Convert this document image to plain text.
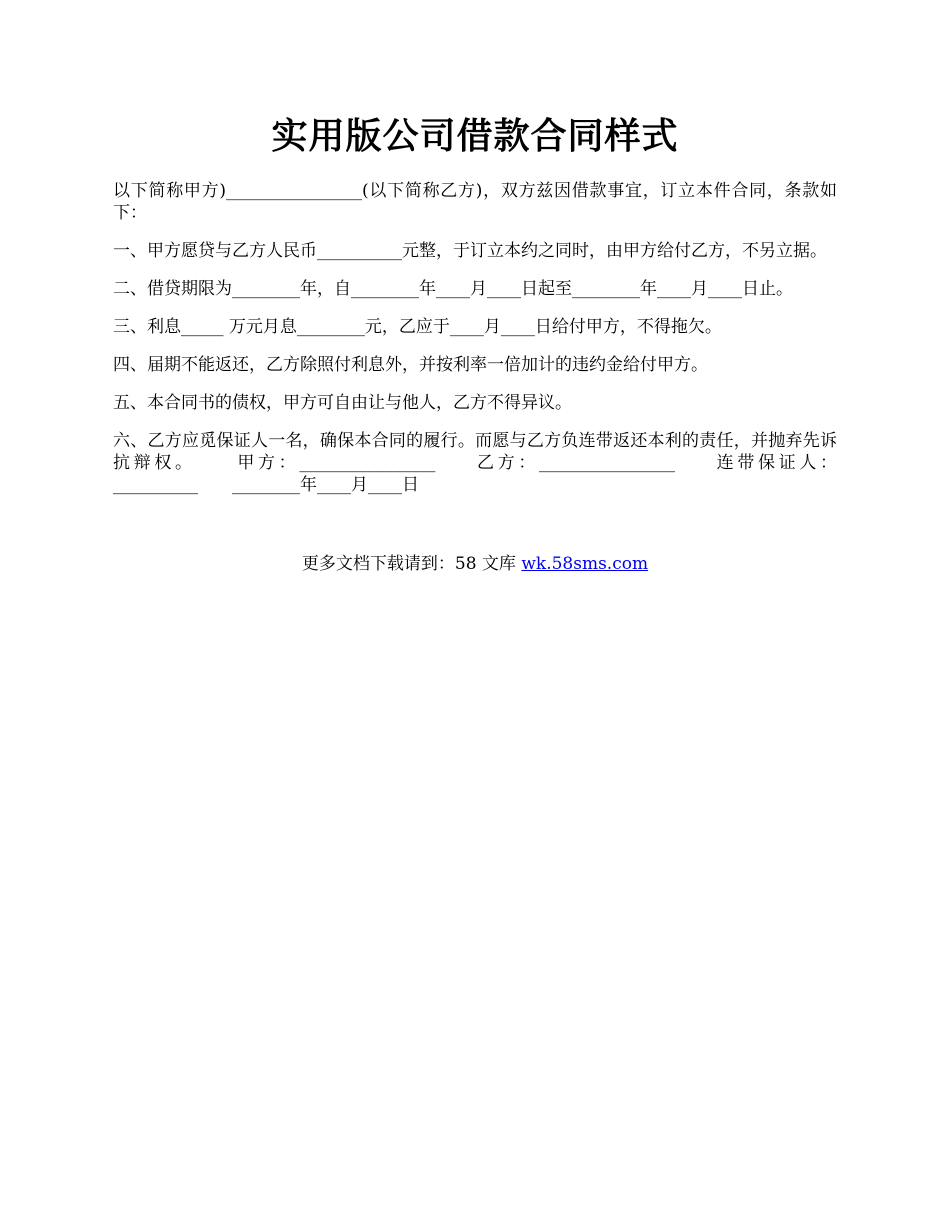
实用版公司借款合同样式

以下简称甲方)________________(以下简称乙方)，双方兹因借款事宜，订立本件合同，条款如下：

一、甲方愿贷与乙方人民币__________元整，于订立本约之同时，由甲方给付乙方，不另立据。

二、借贷期限为________年，自________年____月____日起至________年____月____日止。

三、利息_____ 万元月息________元，乙应于____月____日给付甲方，不得拖欠。

四、届期不能返还，乙方除照付利息外，并按利率一倍加计的违约金给付甲方。

五、本合同书的债权，甲方可自由让与他人，乙方不得异议。

六、乙方应觅保证人一名，确保本合同的履行。而愿与乙方负连带返还本利的责任，并抛弃先诉抗辩权。 甲方：________________ 乙方：________________ 连带保证人：__________ ________年____月____日

更多文档下载请到：58 文库 wk.58sms.com
